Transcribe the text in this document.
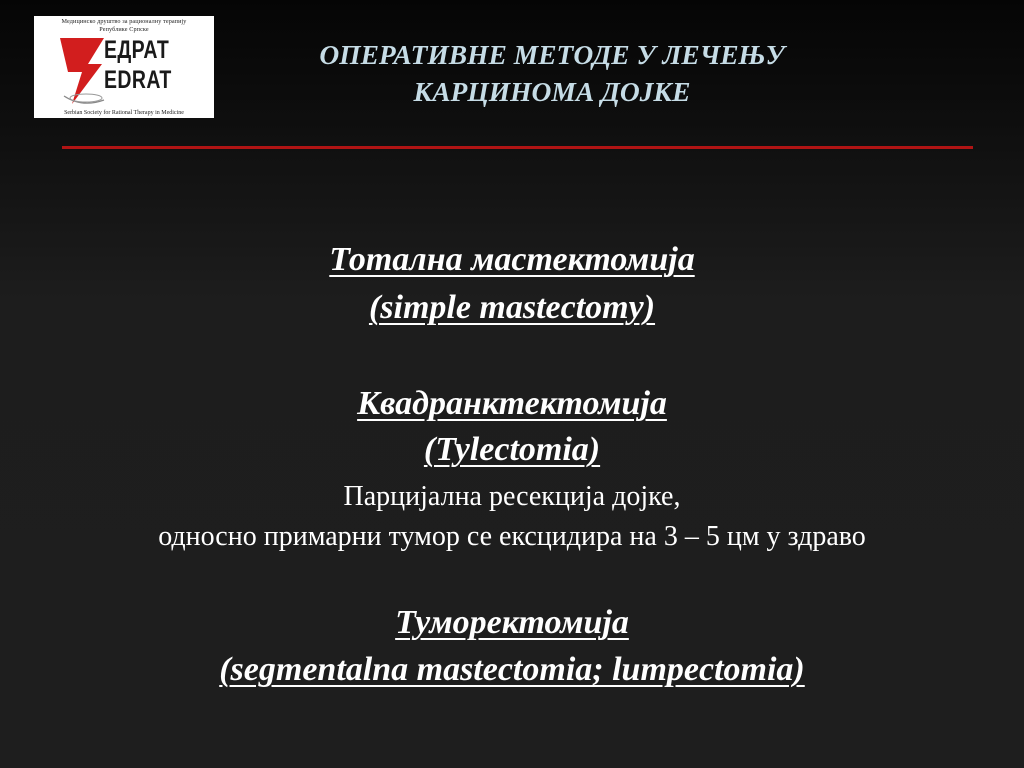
Медицинско друштво за рационалну терапију
Републике Српске
ЕДРАТ
EDRAT
Serbian Society for Rational Therapy in Medicine
ОПЕРАТИВНЕ МЕТОДЕ У ЛЕЧЕЊУ
КАРЦИНОМА ДОЈКЕ
Тотална мастектомија
(simple mastectomy)
Квадранктектомија
(Tylectomia)
Парцијална ресекција дојке,
односно примарни тумор се ексцидира на 3 – 5 цм у здраво
Туморектомија
(segmentalna mastectomia; lumpectomia)
